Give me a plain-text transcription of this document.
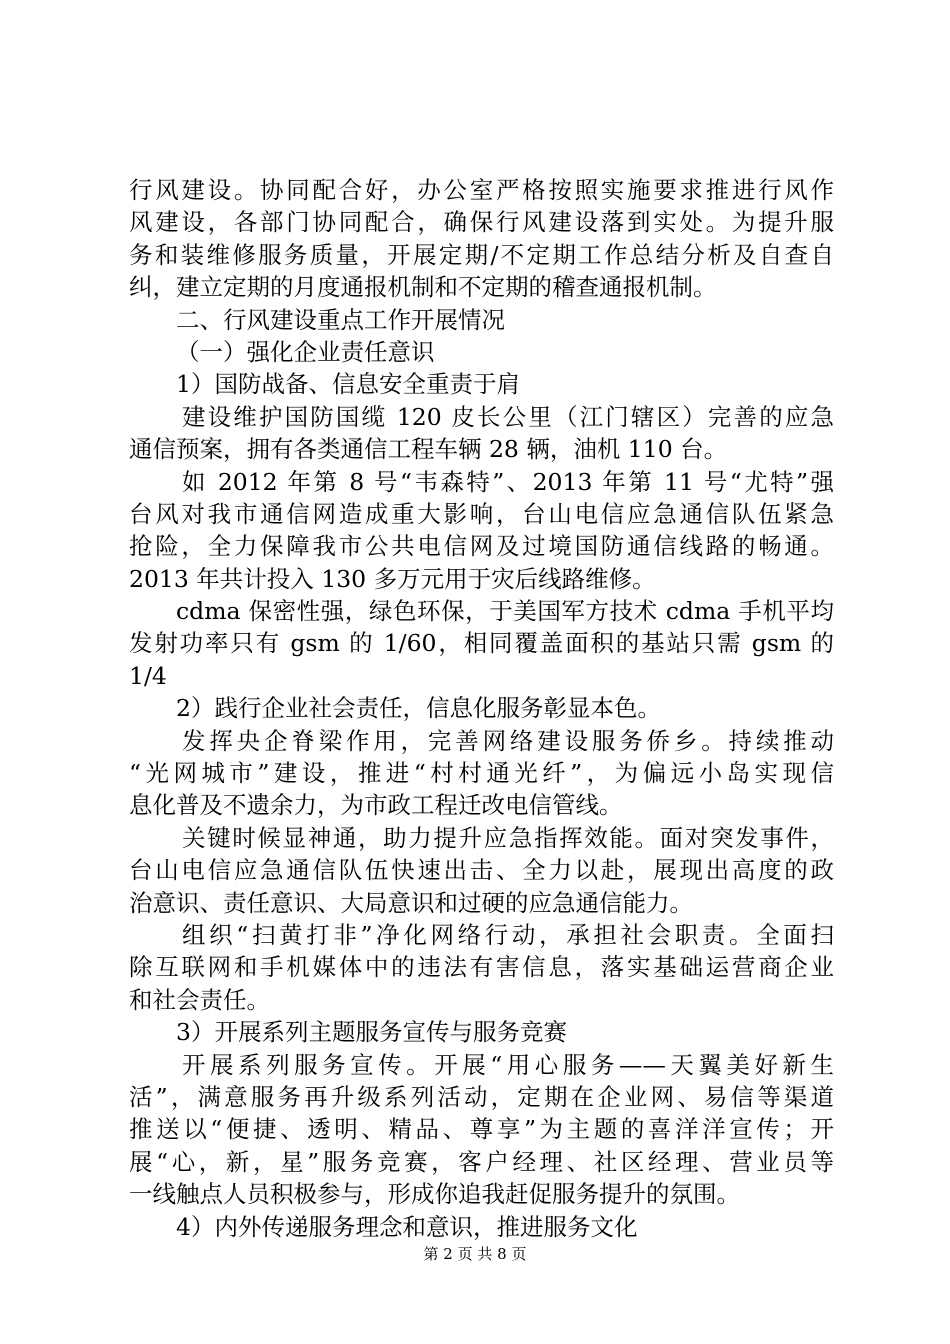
行风建设。协同配合好，办公室严格按照实施要求推进行风作
风建设，各部门协同配合，确保行风建设落到实处。为提升服
务和装维修服务质量，开展定期/不定期工作总结分析及自查自
纠，建立定期的月度通报机制和不定期的稽查通报机制。
二、行风建设重点工作开展情况
（一）强化企业责任意识
1）国防战备、信息安全重责于肩
建设维护国防国缆 120 皮长公里（江门辖区）完善的应急
通信预案，拥有各类通信工程车辆 28 辆，油机 110 台。
如 2012 年第 8 号“韦森特”、2013 年第 11 号“尤特”强
台风对我市通信网造成重大影响，台山电信应急通信队伍紧急
抢险，全力保障我市公共电信网及过境国防通信线路的畅通。
2013 年共计投入 130 多万元用于灾后线路维修。
cdma 保密性强，绿色环保，于美国军方技术 cdma 手机平均
发射功率只有 gsm 的 1/60，相同覆盖面积的基站只需 gsm 的
1/4
2）践行企业社会责任，信息化服务彰显本色。
发挥央企脊梁作用，完善网络建设服务侨乡。持续推动
“光网城市”建设，推进“村村通光纤”，为偏远小岛实现信
息化普及不遗余力，为市政工程迁改电信管线。
关键时候显神通，助力提升应急指挥效能。面对突发事件，
台山电信应急通信队伍快速出击、全力以赴，展现出高度的政
治意识、责任意识、大局意识和过硬的应急通信能力。
组织“扫黄打非”净化网络行动，承担社会职责。全面扫
除互联网和手机媒体中的违法有害信息，落实基础运营商企业
和社会责任。
3）开展系列主题服务宣传与服务竞赛
开展系列服务宣传。开展“用心服务——天翼美好新生
活”，满意服务再升级系列活动，定期在企业网、易信等渠道
推送以“便捷、透明、精品、尊享”为主题的喜洋洋宣传；开
展“心，新，星”服务竞赛，客户经理、社区经理、营业员等
一线触点人员积极参与，形成你追我赶促服务提升的氛围。
4）内外传递服务理念和意识，推进服务文化
第 2 页 共 8 页
